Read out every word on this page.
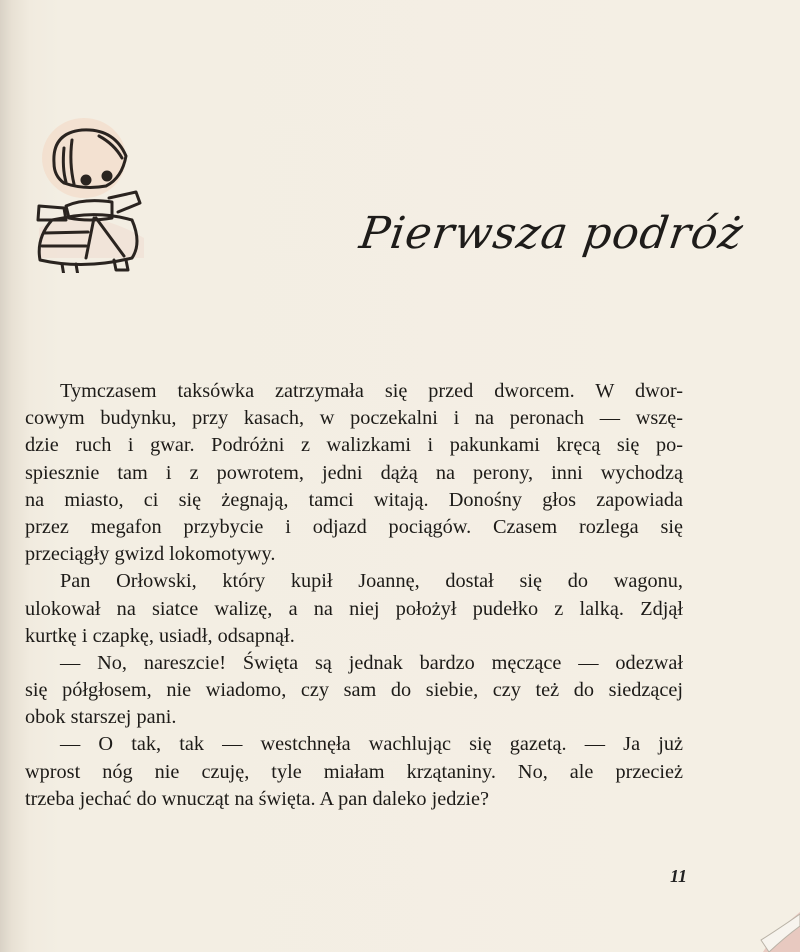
Pierwsza podróż
Tymczasem taksówka zatrzymała się przed dworcem. W dwor-
cowym budynku, przy kasach, w poczekalni i na peronach — wszę-
dzie ruch i gwar. Podróżni z walizkami i pakunkami kręcą się po-
spiesznie tam i z powrotem, jedni dążą na perony, inni wychodzą
na miasto, ci się żegnają, tamci witają. Donośny głos zapowiada
przez megafon przybycie i odjazd pociągów. Czasem rozlega się
przeciągły gwizd lokomotywy.
Pan Orłowski, który kupił Joannę, dostał się do wagonu,
ulokował na siatce walizę, a na niej położył pudełko z lalką. Zdjął
kurtkę i czapkę, usiadł, odsapnął.
— No, nareszcie! Święta są jednak bardzo męczące — odezwał
się półgłosem, nie wiadomo, czy sam do siebie, czy też do siedzącej
obok starszej pani.
— O tak, tak — westchnęła wachlując się gazetą. — Ja już
wprost nóg nie czuję, tyle miałam krzątaniny. No, ale przecież
trzeba jechać do wnucząt na święta. A pan daleko jedzie?
11
